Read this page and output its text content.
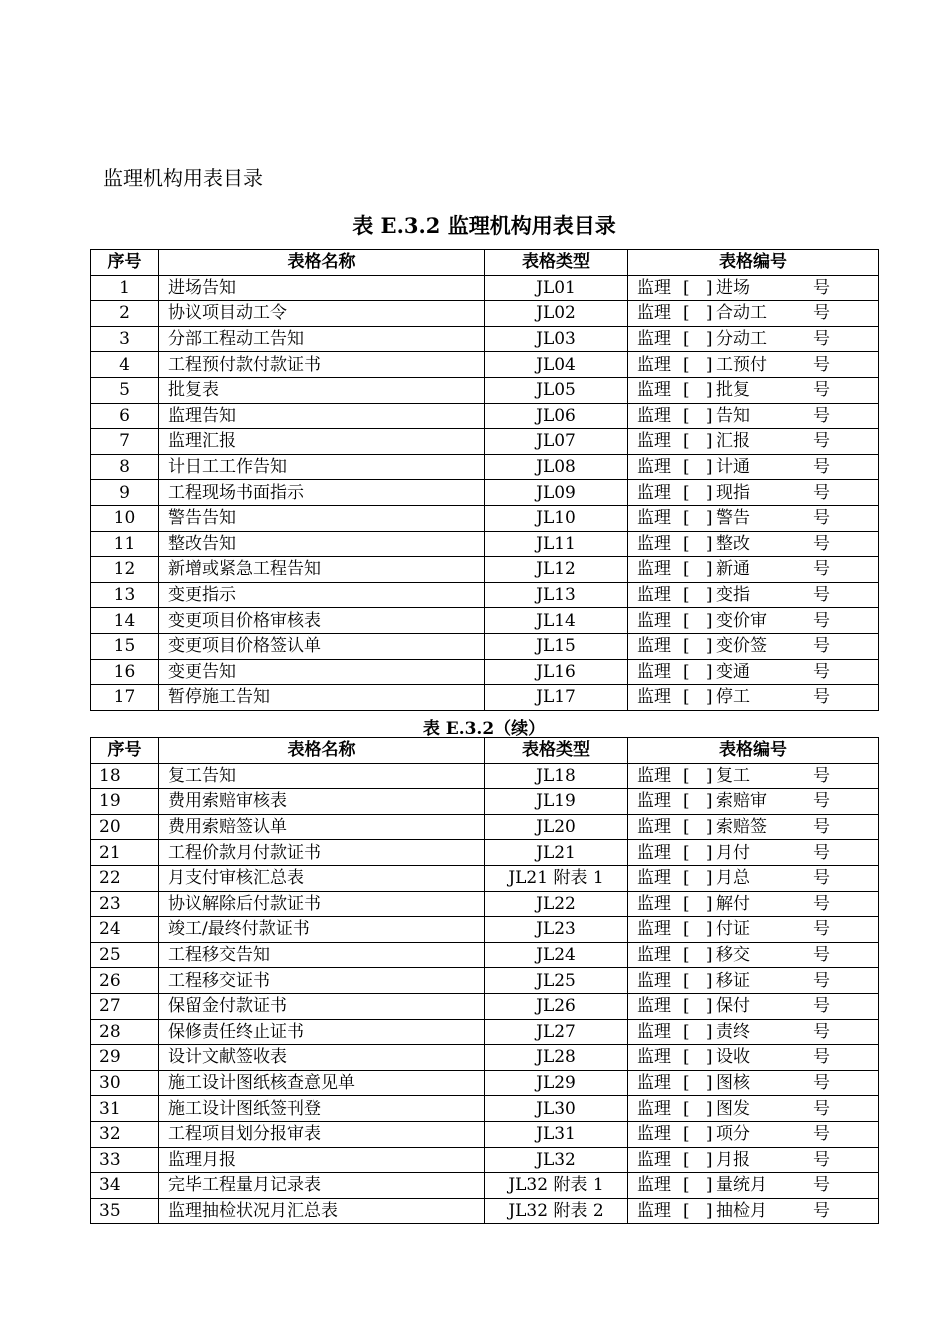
监理机构用表目录
表 E.3.2 监理机构用表目录
序号	表格名称	表格类型	表格编号
1	进场告知	JL01	监理 [   ] 进场 号
2	协议项目动工令	JL02	监理 [   ] 合动工 号
3	分部工程动工告知	JL03	监理 [   ] 分动工 号
4	工程预付款付款证书	JL04	监理 [   ] 工预付 号
5	批复表	JL05	监理 [   ] 批复 号
6	监理告知	JL06	监理 [   ] 告知 号
7	监理汇报	JL07	监理 [   ] 汇报 号
8	计日工工作告知	JL08	监理 [   ] 计通 号
9	工程现场书面指示	JL09	监理 [   ] 现指 号
10	警告告知	JL10	监理 [   ] 警告 号
11	整改告知	JL11	监理 [   ] 整改 号
12	新增或紧急工程告知	JL12	监理 [   ] 新通 号
13	变更指示	JL13	监理 [   ] 变指 号
14	变更项目价格审核表	JL14	监理 [   ] 变价审 号
15	变更项目价格签认单	JL15	监理 [   ] 变价签 号
16	变更告知	JL16	监理 [   ] 变通 号
17	暂停施工告知	JL17	监理 [   ] 停工 号
表 E.3.2（续）
序号	表格名称	表格类型	表格编号
18	复工告知	JL18	监理 [   ] 复工 号
19	费用索赔审核表	JL19	监理 [   ] 索赔审 号
20	费用索赔签认单	JL20	监理 [   ] 索赔签 号
21	工程价款月付款证书	JL21	监理 [   ] 月付 号
22	月支付审核汇总表	JL21 附表 1	监理 [   ] 月总 号
23	协议解除后付款证书	JL22	监理 [   ] 解付 号
24	竣工/最终付款证书	JL23	监理 [   ] 付证 号
25	工程移交告知	JL24	监理 [   ] 移交 号
26	工程移交证书	JL25	监理 [   ] 移证 号
27	保留金付款证书	JL26	监理 [   ] 保付 号
28	保修责任终止证书	JL27	监理 [   ] 责终 号
29	设计文献签收表	JL28	监理 [   ] 设收 号
30	施工设计图纸核查意见单	JL29	监理 [   ] 图核 号
31	施工设计图纸签刊登	JL30	监理 [   ] 图发 号
32	工程项目划分报审表	JL31	监理 [   ] 项分 号
33	监理月报	JL32	监理 [   ] 月报 号
34	完毕工程量月记录表	JL32 附表 1	监理 [   ] 量统月 号
35	监理抽检状况月汇总表	JL32 附表 2	监理 [   ] 抽检月 号
